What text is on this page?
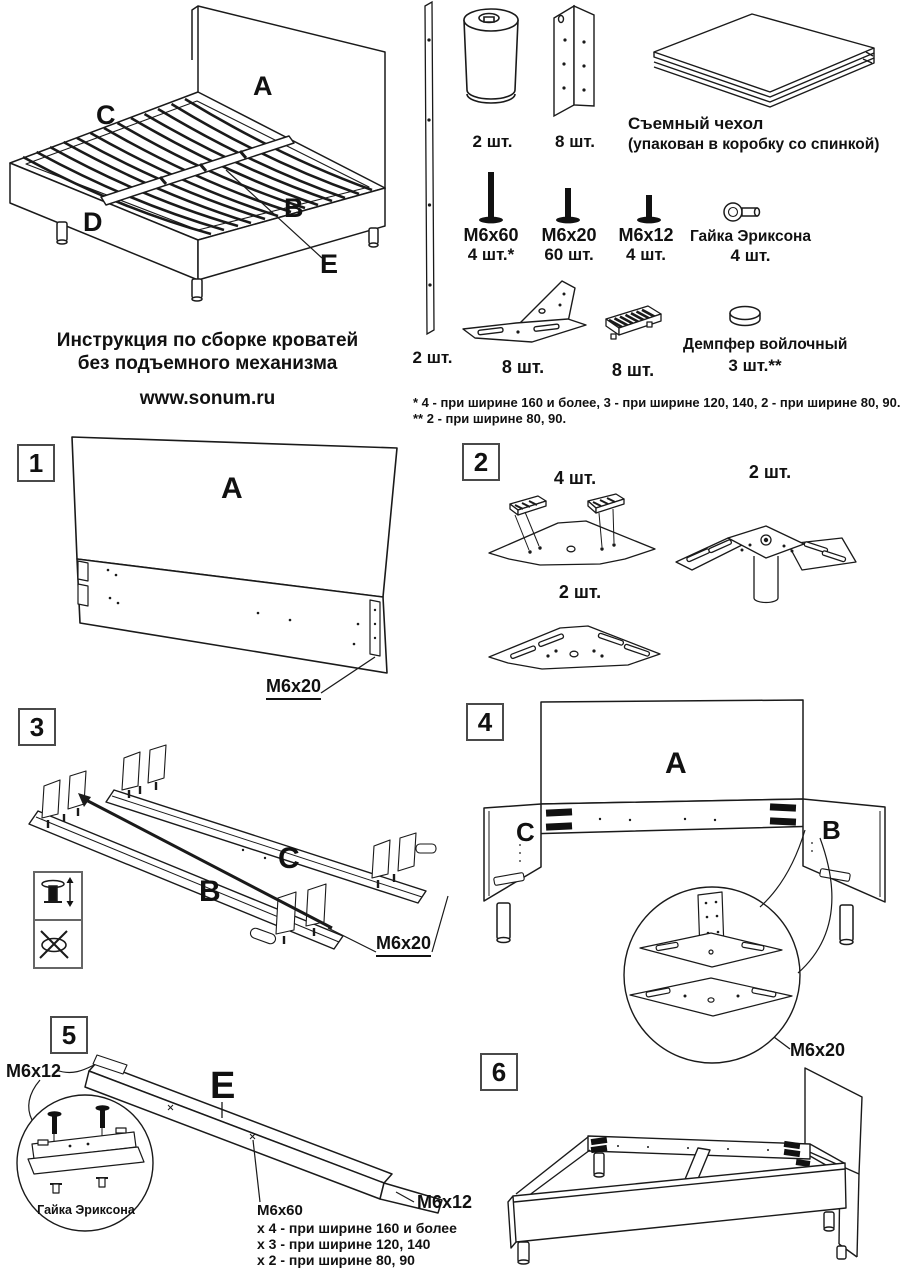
A
C
B
D
E
Инструкция по сборке кроватей
без подъемного механизма
www.sonum.ru
2 шт.
2 шт.	8 шт.
Съемный чехол
(упакован в коробку со спинкой)
M6x60
4 шт.*
M6x20
60 шт.
M6x12
4 шт.
Гайка Эриксона
4 шт.
8 шт.	8 шт.
Демпфер войлочный
3 шт.**
* 4 - при ширине 160 и более, 3 - при ширине 120, 140, 2 - при ширине 80, 90.
** 2 - при ширине 80, 90.
1
A
M6x20
2
4 шт.	2 шт.
2 шт.
3
C
B
M6x20
4
A
C	B
M6x20
5
E
M6x12
Гайка Эриксона	M6x60
x 4 - при ширине 160 и более
x 3 - при ширине 120, 140
x 2 - при ширине 80, 90
M6x12
6
